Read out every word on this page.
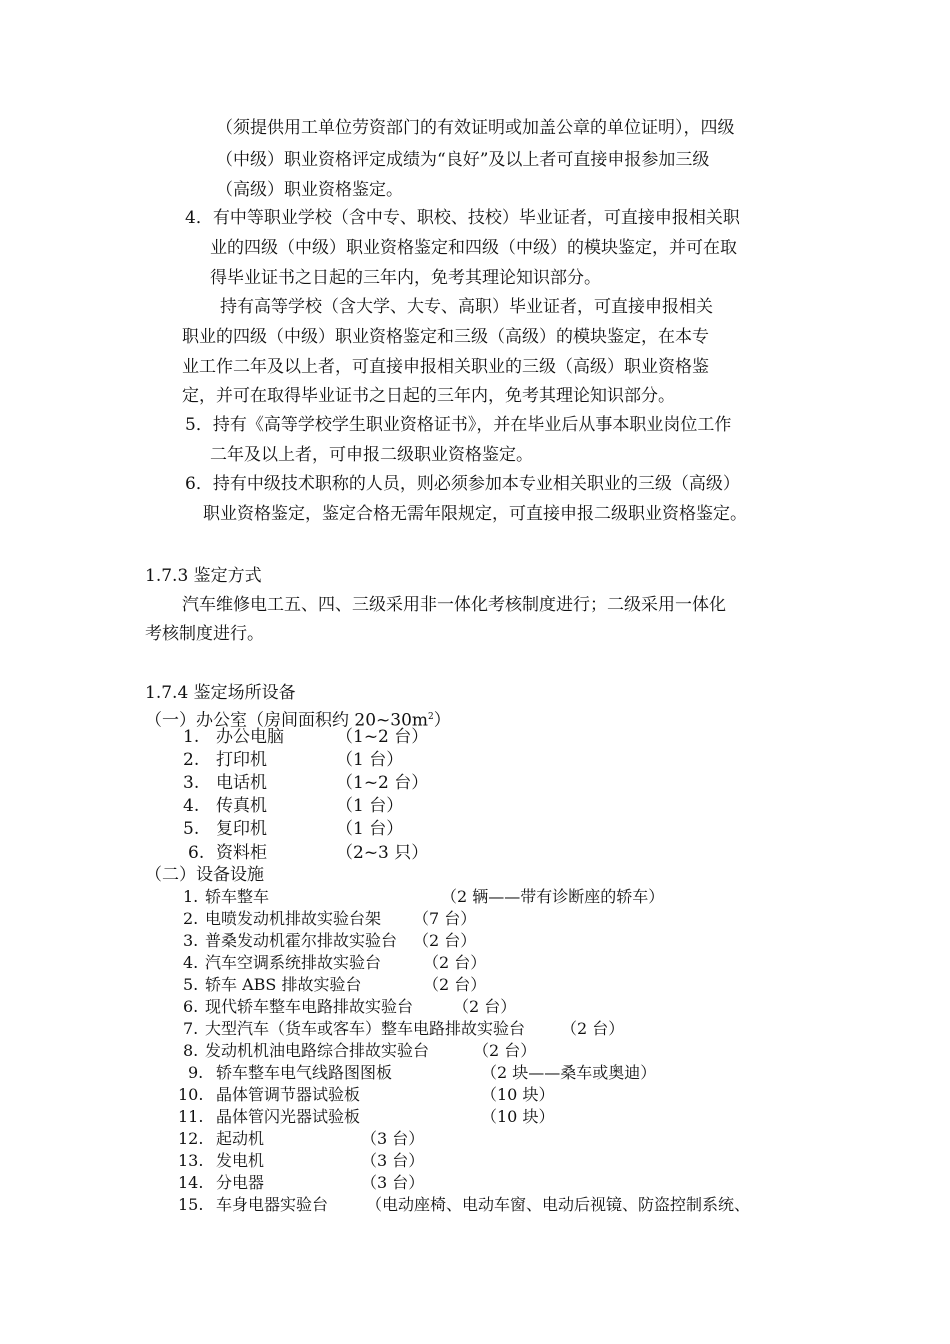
（须提供用工单位劳资部门的有效证明或加盖公章的单位证明），四级
（中级）职业资格评定成绩为“良好”及以上者可直接申报参加三级
（高级）职业资格鉴定。
4．有中等职业学校（含中专、职校、技校）毕业证者，可直接申报相关职
业的四级（中级）职业资格鉴定和四级（中级）的模块鉴定，并可在取
得毕业证书之日起的三年内，免考其理论知识部分。
持有高等学校（含大学、大专、高职）毕业证者，可直接申报相关
职业的四级（中级）职业资格鉴定和三级（高级）的模块鉴定，在本专
业工作二年及以上者，可直接申报相关职业的三级（高级）职业资格鉴
定，并可在取得毕业证书之日起的三年内，免考其理论知识部分。
5．持有《高等学校学生职业资格证书》，并在毕业后从事本职业岗位工作
二年及以上者，可申报二级职业资格鉴定。
6．持有中级技术职称的人员，则必须参加本专业相关职业的三级（高级）
职业资格鉴定，鉴定合格无需年限规定，可直接申报二级职业资格鉴定。
1.7.3 鉴定方式
汽车维修电工五、四、三级采用非一体化考核制度进行；二级采用一体化
考核制度进行。
1.7.4 鉴定场所设备
（一）办公室（房间面积约 $20\sim 30m^2$）
1. 办公电脑	（1~2 台）
2. 打印机	（1 台）
3. 电话机	（1~2 台）
4. 传真机	（1 台）
5. 复印机	（1 台）
6. 资料柜	（2~3 只）
（二）设备设施
1. 轿车整车	（2 辆——带有诊断座的轿车）
2. 电喷发动机排故实验台架 （7 台）
3. 普桑发动机霍尔排故实验台 （2 台）
4. 汽车空调系统排故实验台	（2 台）
5. 轿车 ABS 排故实验台	（2 台）
6. 现代轿车整车电路排故实验台 （2 台）
7. 大型汽车（货车或客车）整车电路排故实验台 （2 台）
8. 发动机机油电路综合排故实验台	（2 台）
9. 轿车整车电气线路图图板	（2 块——桑车或奥迪）
10. 晶体管调节器试验板	（10 块）
11. 晶体管闪光器试验板	（10 块）
12. 起动机	（3 台）
13. 发电机	（3 台）
14. 分电器	（3 台）
15. 车身电器实验台 （电动座椅、电动车窗、电动后视镜、防盗控制系统、
